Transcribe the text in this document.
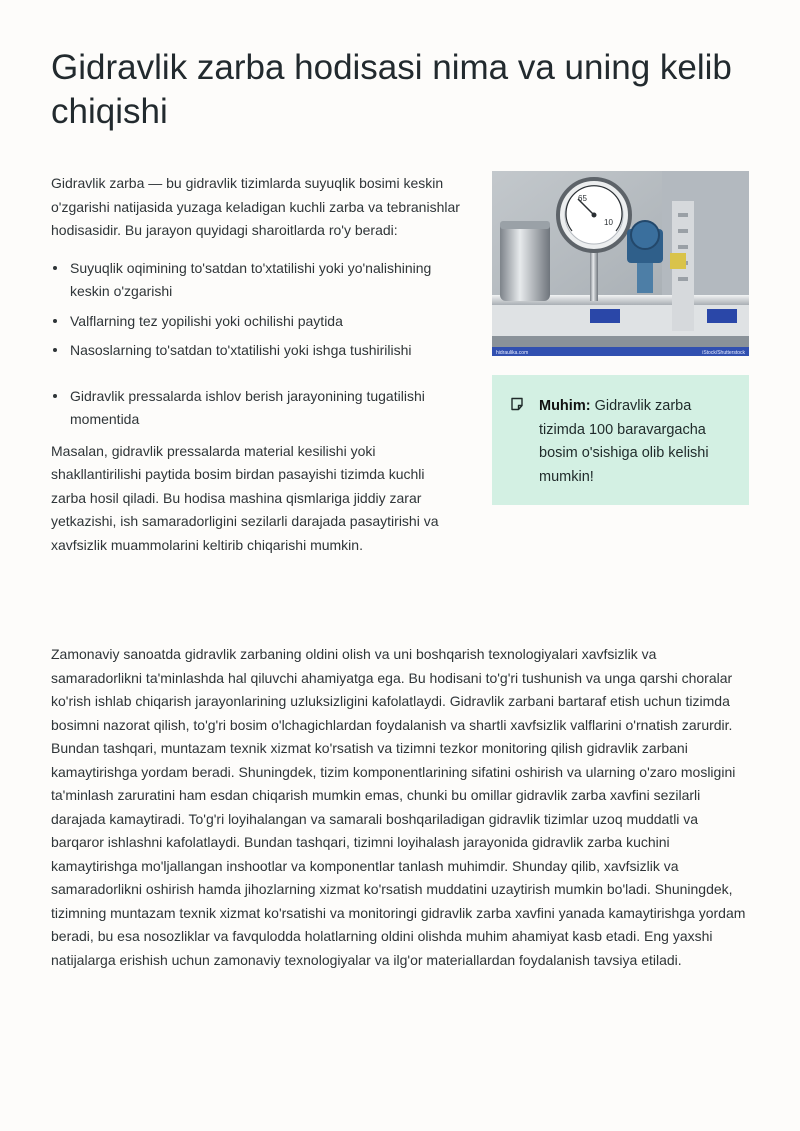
Gidravlik zarba hodisasi nima va uning kelib chiqishi

Gidravlik zarba — bu gidravlik tizimlarda suyuqlik bosimi keskin o'zgarishi natijasida yuzaga keladigan kuchli zarba va tebranishlar hodisasidir. Bu jarayon quyidagi sharoitlarda ro'y beradi:

Suyuqlik oqimining to'satdan to'xtatilishi yoki yo'nalishining keskin o'zgarishi
Valflarning tez yopilishi yoki ochilishi paytida
Nasoslarning to'satdan to'xtatilishi yoki ishga tushirilishi
Gidravlik pressalarda ishlov berish jarayonining tugatilishi momentida

Masalan, gidravlik pressalarda material kesilishi yoki shakllantirilishi paytida bosim birdan pasayishi tizimda kuchli zarba hosil qiladi. Bu hodisa mashina qismlariga jiddiy zarar yetkazishi, ish samaradorligini sezilarli darajada pasaytirishi va xavfsizlik muammolarini keltirib chiqarishi mumkin.

65
10
hidraulika.com	iStock/Shutterstock
Muhim: Gidravlik zarba tizimda 100 baravargacha bosim o'sishiga olib kelishi mumkin!

Zamonaviy sanoatda gidravlik zarbaning oldini olish va uni boshqarish texnologiyalari xavfsizlik va samaradorlikni ta'minlashda hal qiluvchi ahamiyatga ega. Bu hodisani to'g'ri tushunish va unga qarshi choralar ko'rish ishlab chiqarish jarayonlarining uzluksizligini kafolatlaydi. Gidravlik zarbani bartaraf etish uchun tizimda bosimni nazorat qilish, to'g'ri bosim o'lchagichlardan foydalanish va shartli xavfsizlik valflarini o'rnatish zarurdir. Bundan tashqari, muntazam texnik xizmat ko'rsatish va tizimni tezkor monitoring qilish gidravlik zarbani kamaytirishga yordam beradi. Shuningdek, tizim komponentlarining sifatini oshirish va ularning o'zaro mosligini ta'minlash zaruratini ham esdan chiqarish mumkin emas, chunki bu omillar gidravlik zarba xavfini sezilarli darajada kamaytiradi. To'g'ri loyihalangan va samarali boshqariladigan gidravlik tizimlar uzoq muddatli va barqaror ishlashni kafolatlaydi. Bundan tashqari, tizimni loyihalash jarayonida gidravlik zarba kuchini kamaytirishga mo'ljallangan inshootlar va komponentlar tanlash muhimdir. Shunday qilib, xavfsizlik va samaradorlikni oshirish hamda jihozlarning xizmat ko'rsatish muddatini uzaytirish mumkin bo'ladi. Shuningdek, tizimning muntazam texnik xizmat ko'rsatishi va monitoringi gidravlik zarba xavfini yanada kamaytirishga yordam beradi, bu esa nosozliklar va favqulodda holatlarning oldini olishda muhim ahamiyat kasb etadi. Eng yaxshi natijalarga erishish uchun zamonaviy texnologiyalar va ilg'or materiallardan foydalanish tavsiya etiladi.
